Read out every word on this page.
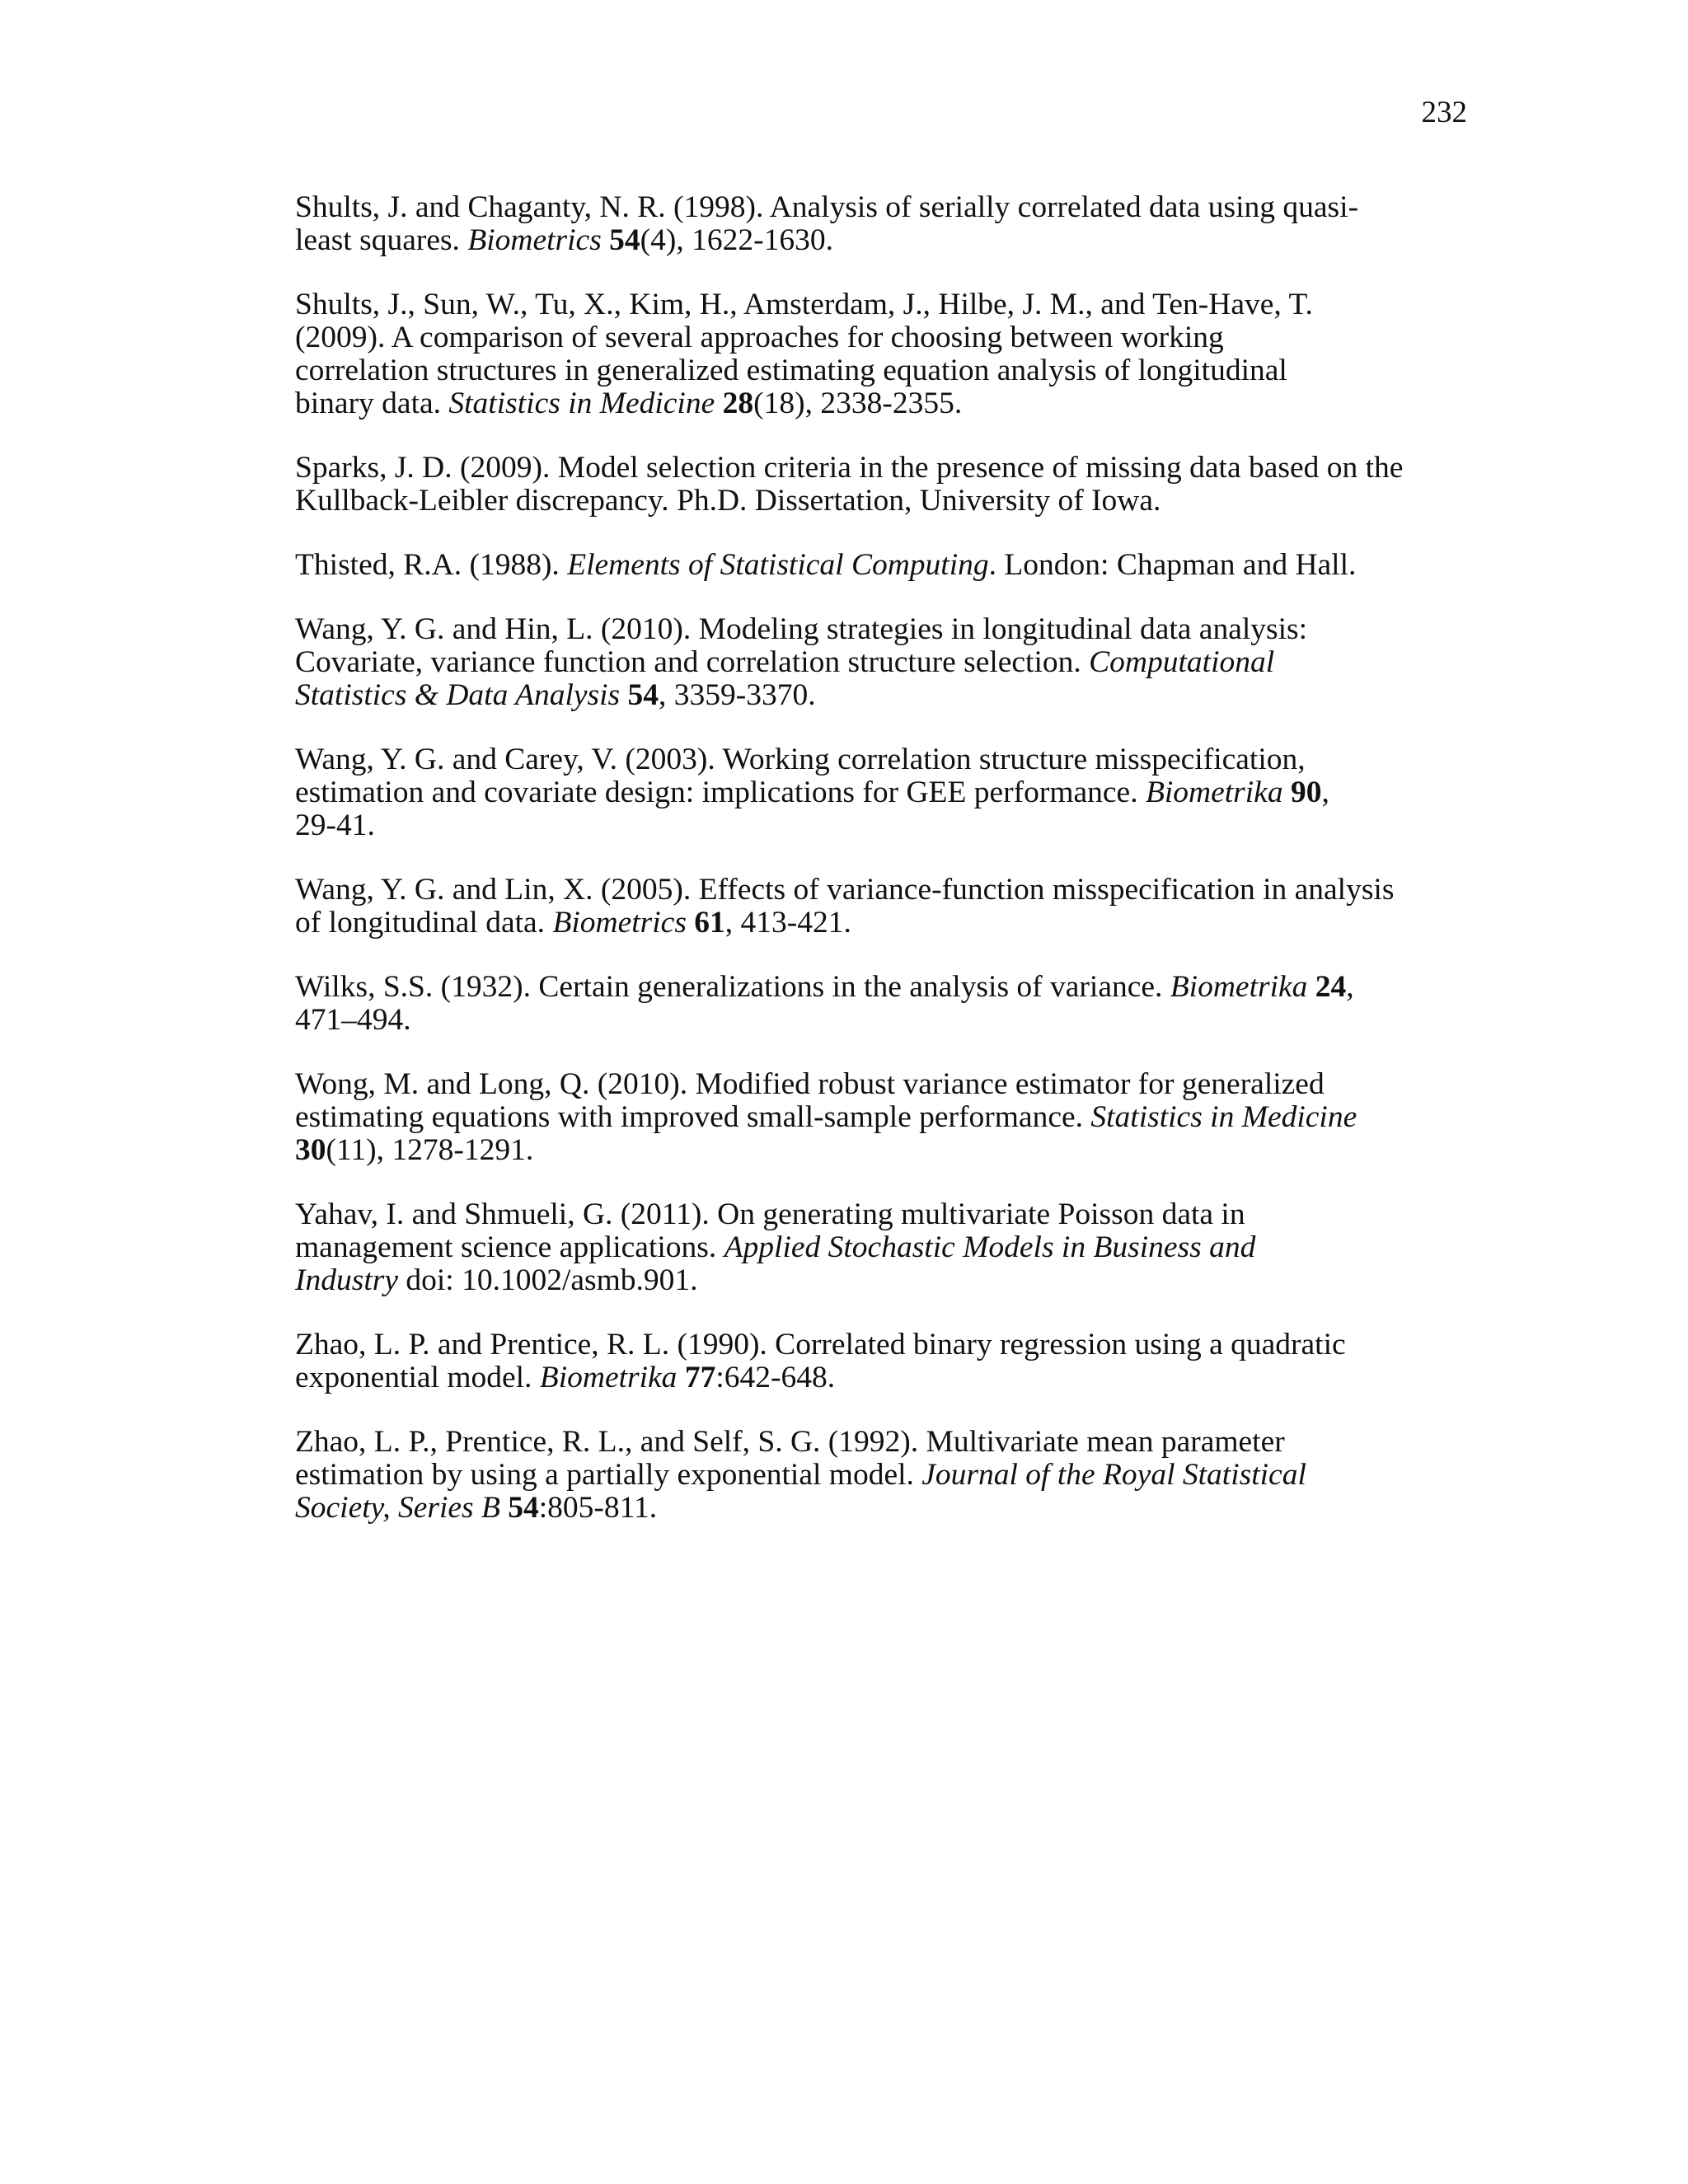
232
Shults, J. and Chaganty, N. R. (1998). Analysis of serially correlated data using quasi-
least squares. Biometrics 54(4), 1622-1630.
Shults, J., Sun, W., Tu, X., Kim, H., Amsterdam, J., Hilbe, J. M., and Ten-Have, T.
(2009). A comparison of several approaches for choosing between working
correlation structures in generalized estimating equation analysis of longitudinal
binary data. Statistics in Medicine 28(18), 2338-2355.
Sparks, J. D. (2009). Model selection criteria in the presence of missing data based on the
Kullback-Leibler discrepancy. Ph.D. Dissertation, University of Iowa.
Thisted, R.A. (1988). Elements of Statistical Computing. London: Chapman and Hall.
Wang, Y. G. and Hin, L. (2010). Modeling strategies in longitudinal data analysis:
Covariate, variance function and correlation structure selection. Computational
Statistics & Data Analysis 54, 3359-3370.
Wang, Y. G. and Carey, V. (2003). Working correlation structure misspecification,
estimation and covariate design: implications for GEE performance. Biometrika 90,
29-41.
Wang, Y. G. and Lin, X. (2005). Effects of variance-function misspecification in analysis
of longitudinal data. Biometrics 61, 413-421.
Wilks, S.S. (1932). Certain generalizations in the analysis of variance. Biometrika 24,
471–494.
Wong, M. and Long, Q. (2010). Modified robust variance estimator for generalized
estimating equations with improved small-sample performance. Statistics in Medicine
30(11), 1278-1291.
Yahav, I. and Shmueli, G. (2011). On generating multivariate Poisson data in
management science applications. Applied Stochastic Models in Business and
Industry doi: 10.1002/asmb.901.
Zhao, L. P. and Prentice, R. L. (1990). Correlated binary regression using a quadratic
exponential model. Biometrika 77:642-648.
Zhao, L. P., Prentice, R. L., and Self, S. G. (1992). Multivariate mean parameter
estimation by using a partially exponential model. Journal of the Royal Statistical
Society, Series B 54:805-811.
